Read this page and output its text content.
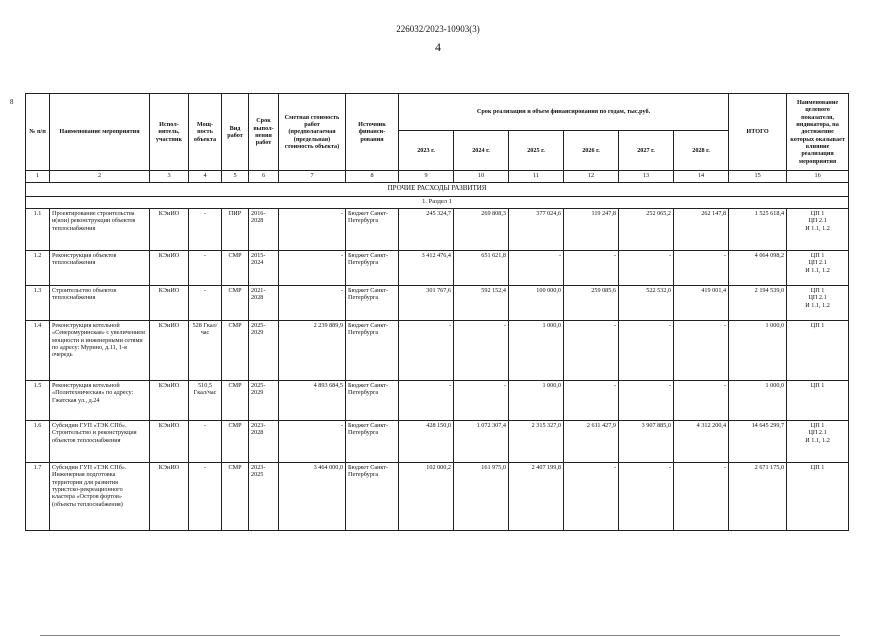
226032/2023-10903(3)
4
8
№ п/п	Наименование мероприятия	Испол-нитель, участник	Мощ-ность объекта	Вид работ	Срок выпол-нения работ	Сметная стоимость работ (предполагаемая (предельная) стоимость объекта)	Источник финанси-рования	Срок реализации и объем финансирования по годам, тыс.руб.						ИТОГО	Наименование целевого показателя, индикатора, на достижение которых оказывает влияние реализация мероприятия
								2023 г.	2024 г.	2025 г.	2026 г.	2027 г.	2028 г.		
1	2	3	4	5	6	7	8	9	10	11	12	13	14	15	16
ПРОЧИЕ РАСХОДЫ РАЗВИТИЯ															
1. Раздел 1															
1.1	Проектирование строительства и(или) реконструкции объектов теплоснабжения	КЭиИО	-	ПИР	2016-2028	-	Бюджет Санкт-Петербурга	245 324,7	269 808,3	377 024,6	119 247,8	252 065,2	262 147,8	1 525 618,4	ЦП 1
ЦП 2.1
И 1.1, 1.2
1.2	Реконструкция объектов теплоснабжения	КЭиИО	-	СМР	2015-2024	-	Бюджет Санкт-Петербурга	3 412 476,4	651 621,8	-	-	-	-	4 064 098,2	ЦП 1
ЦП 2.1
И 1.1, 1.2
1.3	Строительство объектов теплоснабжения	КЭиИО	-	СМР	2021-2028	-	Бюджет Санкт-Петербурга	301 767,6	592 152,4	100 000,0	259 085,6	522 532,0	419 001,4	2 194 539,0	ЦП 1
ЦП 2.1
И 1.1, 1.2
1.4	Реконструкция котельной «Северомуринская» с увеличением мощности и инженерными сетями по адресу: Мурино, д.11, 1-я очередь	КЭиИО	528 Гкал/час	СМР	2025-2029	2 239 889,9	Бюджет Санкт-Петербурга	-	-	1 000,0	-	-	-	1 000,0	ЦП 1
1.5	Реконструкция котельной «Политехническая» по адресу: Гжатская ул., д.24	КЭиИО	510,5 Гкал/час	СМР	2025-2029	4 893 684,5	Бюджет Санкт-Петербурга	-	-	1 000,0	-	-	-	1 000,0	ЦП 1
1.6	Субсидии ГУП «ТЭК СПб». Строительство и реконструкция объектов теплоснабжения	КЭиИО	-	СМР	2023-2028	-	Бюджет Санкт-Петербурга	428 150,0	1 072 307,4	2 315 327,0	2 611 427,9	3 907 885,0	4 312 200,4	14 645 299,7	ЦП 1
ЦП 2.1
И 1.1, 1.2
1.7	Субсидии ГУП «ТЭК СПб». Инженерная подготовка территории для развития туристско-рекреационного кластера «Остров фортов» (объекты теплоснабжения)	КЭиИО	-	СМР	2023-2025	3 464 000,0	Бюджет Санкт-Петербурга	102 000,2	161 975,0	2 407 199,8	-	-	-	2 671 175,0	ЦП 1
